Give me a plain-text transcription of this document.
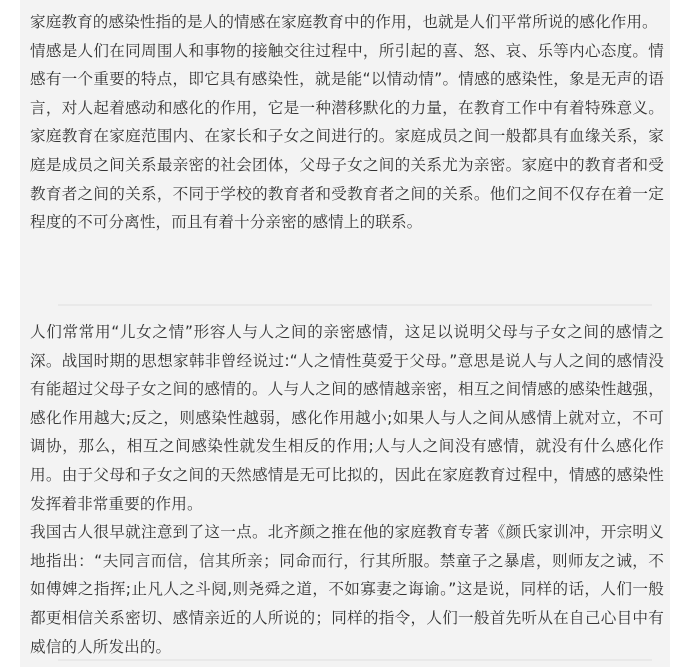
家庭教育的感染性指的是人的情感在家庭教育中的作用，也就是人们平常所说的感化作用。

情感是人们在同周围人和事物的接触交往过程中，所引起的喜、怒、哀、乐等内心态度。情感有一个重要的特点，即它具有感染性，就是能“以情动情”。情感的感染性，象是无声的语言，对人起着感动和感化的作用，它是一种潜移默化的力量，在教育工作中有着特殊意义。家庭教育在家庭范围内、在家长和子女之间进行的。家庭成员之间一般都具有血缘关系，家庭是成员之间关系最亲密的社会团体，父母子女之间的关系尤为亲密。家庭中的教育者和受教育者之间的关系，不同于学校的教育者和受教育者之间的关系。他们之间不仅存在着一定程度的不可分离性，而且有着十分亲密的感情上的联系。

人们常常用“儿女之情”形容人与人之间的亲密感情，这足以说明父母与子女之间的感情之深。战国时期的思想家韩非曾经说过:“人之情性莫爱于父母。”意思是说人与人之间的感情没有能超过父母子女之间的感情的。人与人之间的感情越亲密，相互之间情感的感染性越强，感化作用越大;反之，则感染性越弱，感化作用越小;如果人与人之间从感情上就对立，不可调协，那么，相互之间感染性就发生相反的作用;人与人之间没有感情，就没有什么感化作用。由于父母和子女之间的天然感情是无可比拟的，因此在家庭教育过程中，情感的感染性发挥着非常重要的作用。

我国古人很早就注意到了这一点。北齐颜之推在他的家庭教育专著《颜氏家训冲，开宗明义地指出：“夫同言而信，信其所亲；同命而行，行其所服。禁童子之暴虐，则师友之诫，不如傅婢之指挥;止凡人之斗阋,则尧舜之道，不如寡妻之诲谕。”这是说，同样的话，人们一般都更相信关系密切、感情亲近的人所说的；同样的指令，人们一般首先听从在自己心目中有威信的人所发出的。
